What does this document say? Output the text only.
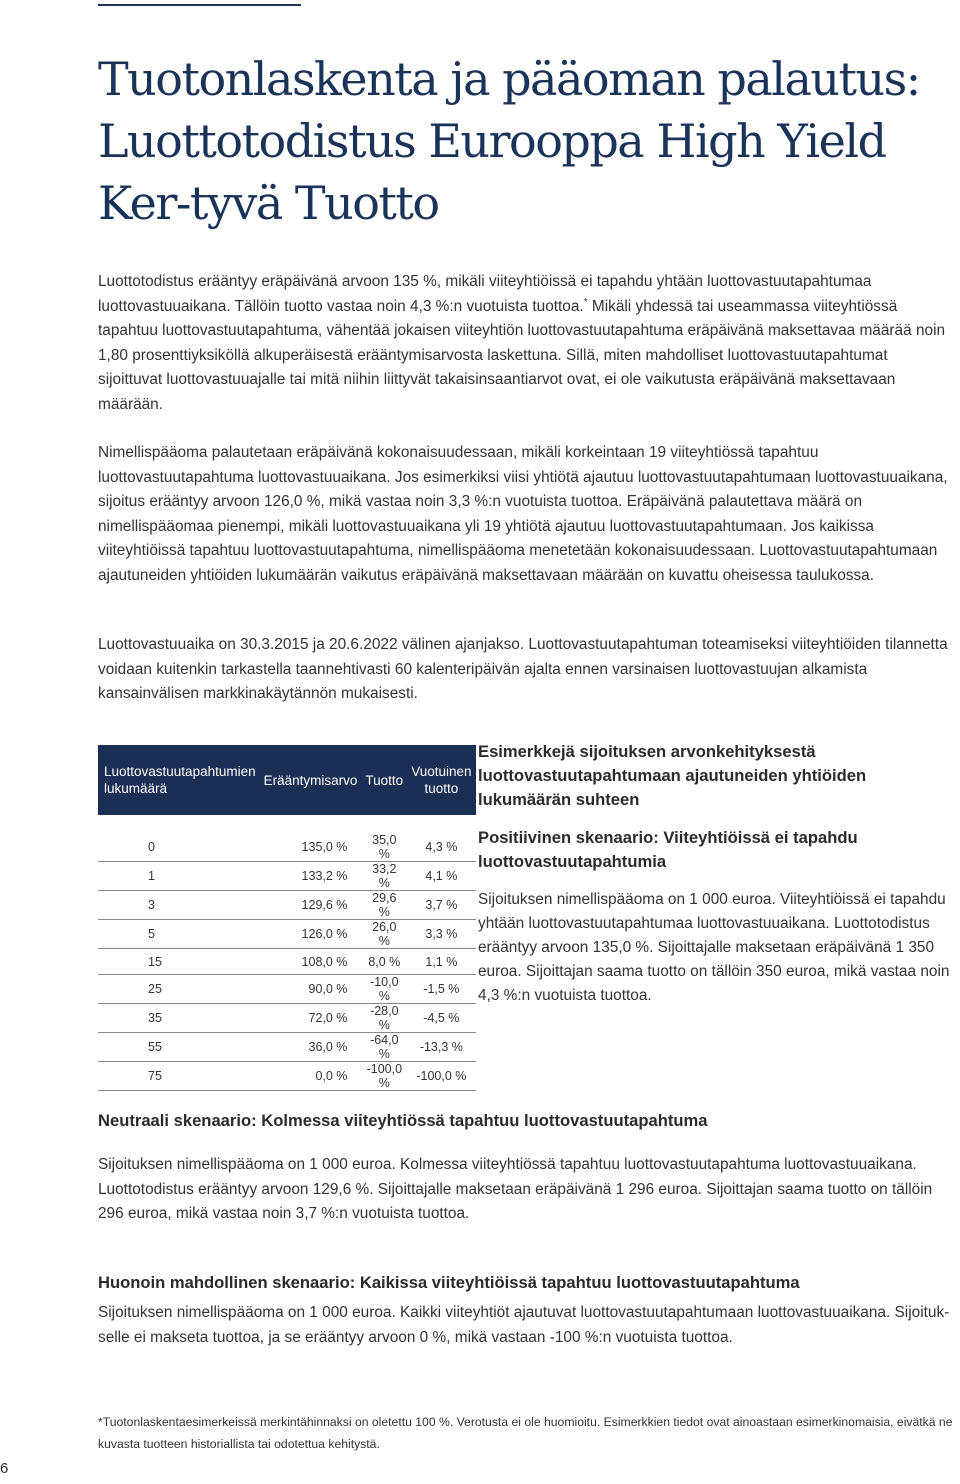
Tuotonlaskenta ja pääoman palautus: Luottotodistus Eurooppa High Yield Ker-tyvä Tuotto

Luottotodistus erääntyy eräpäivänä arvoon 135 %, mikäli viiteyhtiöissä ei tapahdu yhtään luottovastuutapahtumaa luottovastuuaikana. Tällöin tuotto vastaa noin 4,3 %:n vuotuista tuottoa.* Mikäli yhdessä tai useammassa viiteyhtiössä tapahtuu luottovastuutapahtuma, vähentää jokaisen viiteyhtiön luottovastuutapahtuma eräpäivänä maksettavaa määrää noin 1,80 prosenttiyksiköllä alkuperäisestä erääntymisarvosta laskettuna. Sillä, miten mahdolliset luottovastuutapahtumat sijoittuvat luottovastuuajalle tai mitä niihin liittyvät takaisinsaantiarvot ovat, ei ole vaikutusta eräpäivänä maksettavaan määrään.

Nimellispääoma palautetaan eräpäivänä kokonaisuudessaan, mikäli korkeintaan 19 viiteyhtiössä tapahtuu luottovastuutapahtuma luottovastuuaikana. Jos esimerkiksi viisi yhtiötä ajautuu luottovastuutapahtumaan luottovastuuaikana, sijoitus erääntyy arvoon 126,0 %, mikä vastaa noin 3,3 %:n vuotuista tuottoa. Eräpäivänä palautettava määrä on nimellispääomaa pienempi, mikäli luottovastuuaikana yli 19 yhtiötä ajautuu luottovastuutapahtumaan. Jos kaikissa viiteyhtiöissä tapahtuu luottovastuutapahtuma, nimellispääoma menetetään kokonaisuudessaan. Luottovastuutapahtumaan ajautuneiden yhtiöiden lukumäärän vaikutus eräpäivänä maksettavaan määrään on kuvattu oheisessa taulukossa.

Luottovastuuaika on 30.3.2015 ja 20.6.2022 välinen ajanjakso. Luottovastuutapahtuman toteamiseksi viiteyhtiöiden tilannetta voidaan kuitenkin tarkastella taannehtivasti 60 kalenteripäivän ajalta ennen varsinaisen luottovastuujan alkamista kansainvälisen markkinakäytännön mukaisesti.

Luottovastuutapahtumien lukumäärä	Erääntymisarvo	Tuotto	Vuotuinen tuotto
0	135,0 %	35,0 %	4,3 %
1	133,2 %	33,2 %	4,1 %
3	129,6 %	29,6 %	3,7 %
5	126,0 %	26,0 %	3,3 %
15	108,0 %	8,0 %	1,1 %
25	90,0 %	-10,0 %	-1,5 %
35	72,0 %	-28,0 %	-4,5 %
55	36,0 %	-64,0 %	-13,3 %
75	0,0 %	-100,0 %	-100,0 %
Esimerkkejä sijoituksen arvonkehityksestä luottovastuutapahtumaan ajautuneiden yhtiöiden lukumäärän suhteen
Positiivinen skenaario: Viiteyhtiöissä ei tapahdu luottovastuutapahtumia

Sijoituksen nimellispääoma on 1 000 euroa. Viiteyhtiöissä ei tapahdu yhtään luottovastuutapahtumaa luottovastuuaikana. Luottotodistus erääntyy arvoon 135,0 %. Sijoittajalle maksetaan eräpäivänä 1 350 euroa. Sijoittajan saama tuotto on tällöin 350 euroa, mikä vastaa noin 4,3 %:n vuotuista tuottoa.

Neutraali skenaario: Kolmessa viiteyhtiössä tapahtuu luottovastuutapahtuma

Sijoituksen nimellispääoma on 1 000 euroa. Kolmessa viiteyhtiössä tapahtuu luottovastuutapahtuma luottovastuuaikana. Luottotodistus erääntyy arvoon 129,6 %. Sijoittajalle maksetaan eräpäivänä 1 296 euroa. Sijoittajan saama tuotto on tällöin 296 euroa, mikä vastaa noin 3,7 %:n vuotuista tuottoa.

Huonoin mahdollinen skenaario: Kaikissa viiteyhtiöissä tapahtuu luottovastuutapahtuma

Sijoituksen nimellispääoma on 1 000 euroa. Kaikki viiteyhtiöt ajautuvat luottovastuutapahtumaan luottovastuuaikana. Sijoituk-selle ei makseta tuottoa, ja se erääntyy arvoon 0 %, mikä vastaan -100 %:n vuotuista tuottoa.

*Tuotonlaskentaesimerkeissä merkintähinnaksi on oletettu 100 %. Verotusta ei ole huomioitu. Esimerkkien tiedot ovat ainoastaan esimerkinomaisia, eivätkä ne kuvasta tuotteen historiallista tai odotettua kehitystä.

6
